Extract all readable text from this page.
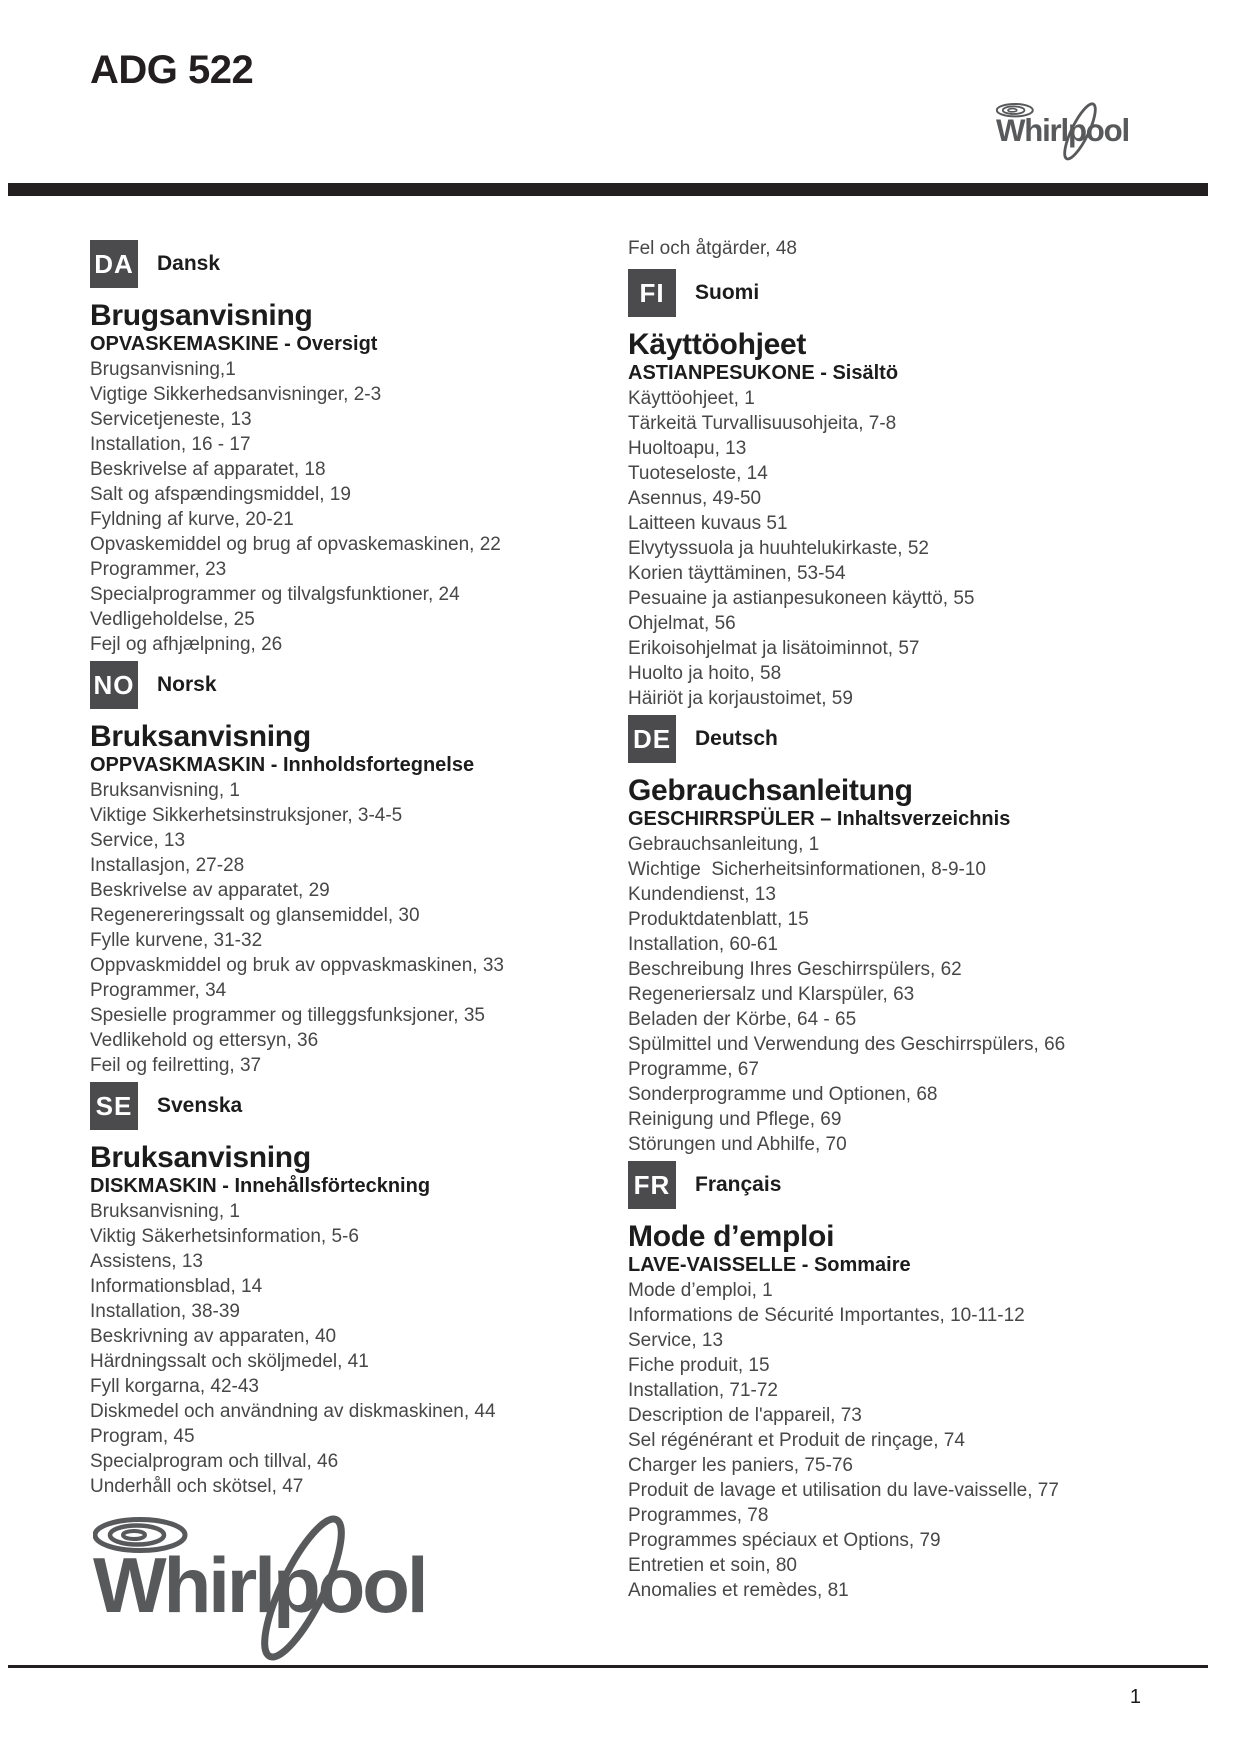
ADG 522
Whirlpool
DA Dansk
Brugsanvisning
OPVASKEMASKINE - Oversigt
Brugsanvisning,1
Vigtige Sikkerhedsanvisninger, 2-3
Servicetjeneste, 13
Installation, 16 - 17
Beskrivelse af apparatet, 18
Salt og afspændingsmiddel, 19
Fyldning af kurve, 20-21
Opvaskemiddel og brug af opvaskemaskinen, 22
Programmer, 23
Specialprogrammer og tilvalgsfunktioner, 24
Vedligeholdelse, 25
Fejl og afhjælpning, 26
NO Norsk
Bruksanvisning
OPPVASKMASKIN - Innholdsfortegnelse
Bruksanvisning, 1
Viktige Sikkerhetsinstruksjoner, 3-4-5
Service, 13
Installasjon, 27-28
Beskrivelse av apparatet, 29
Regenereringssalt og glansemiddel, 30
Fylle kurvene, 31-32
Oppvaskmiddel og bruk av oppvaskmaskinen, 33
Programmer, 34
Spesielle programmer og tilleggsfunksjoner, 35
Vedlikehold og ettersyn, 36
Feil og feilretting, 37
SE Svenska
Bruksanvisning
DISKMASKIN - Innehållsförteckning
Bruksanvisning, 1
Viktig Säkerhetsinformation, 5-6
Assistens, 13
Informationsblad, 14
Installation, 38-39
Beskrivning av apparaten, 40
Härdningssalt och sköljmedel, 41
Fyll korgarna, 42-43
Diskmedel och användning av diskmaskinen, 44
Program, 45
Specialprogram och tillval, 46
Underhåll och skötsel, 47

Fel och åtgärder, 48

FI	Suomi
Käyttöohjeet
ASTIANPESUKONE - Sisältö
Käyttöohjeet, 1
Tärkeitä Turvallisuusohjeita, 7-8
Huoltoapu, 13
Tuoteseloste, 14
Asennus, 49-50
Laitteen kuvaus 51
Elvytyssuola ja huuhtelukirkaste, 52
Korien täyttäminen, 53-54
Pesuaine ja astianpesukoneen käyttö, 55
Ohjelmat, 56
Erikoisohjelmat ja lisätoiminnot, 57
Huolto ja hoito, 58
Häiriöt ja korjaustoimet, 59
DE Deutsch
Gebrauchsanleitung
GESCHIRRSPÜLER – Inhaltsverzeichnis
Gebrauchsanleitung, 1
Wichtige  Sicherheitsinformationen, 8-9-10
Kundendienst, 13
Produktdatenblatt, 15
Installation, 60-61
Beschreibung Ihres Geschirrspülers, 62
Regeneriersalz und Klarspüler, 63
Beladen der Körbe, 64 - 65
Spülmittel und Verwendung des Geschirrspülers, 66
Programme, 67
Sonderprogramme und Optionen, 68
Reinigung und Pflege, 69
Störungen und Abhilfe, 70
FR Français
Mode d’emploi
LAVE-VAISSELLE - Sommaire
Mode d’emploi, 1
Informations de Sécurité Importantes, 10-11-12
Service, 13
Fiche produit, 15
Installation, 71-72
Description de l'appareil, 73
Sel régénérant et Produit de rinçage, 74
Charger les paniers, 75-76
Produit de lavage et utilisation du lave-vaisselle, 77
Programmes, 78
Programmes spéciaux et Options, 79
Entretien et soin, 80
Anomalies et remèdes, 81
Whirlpool
1
